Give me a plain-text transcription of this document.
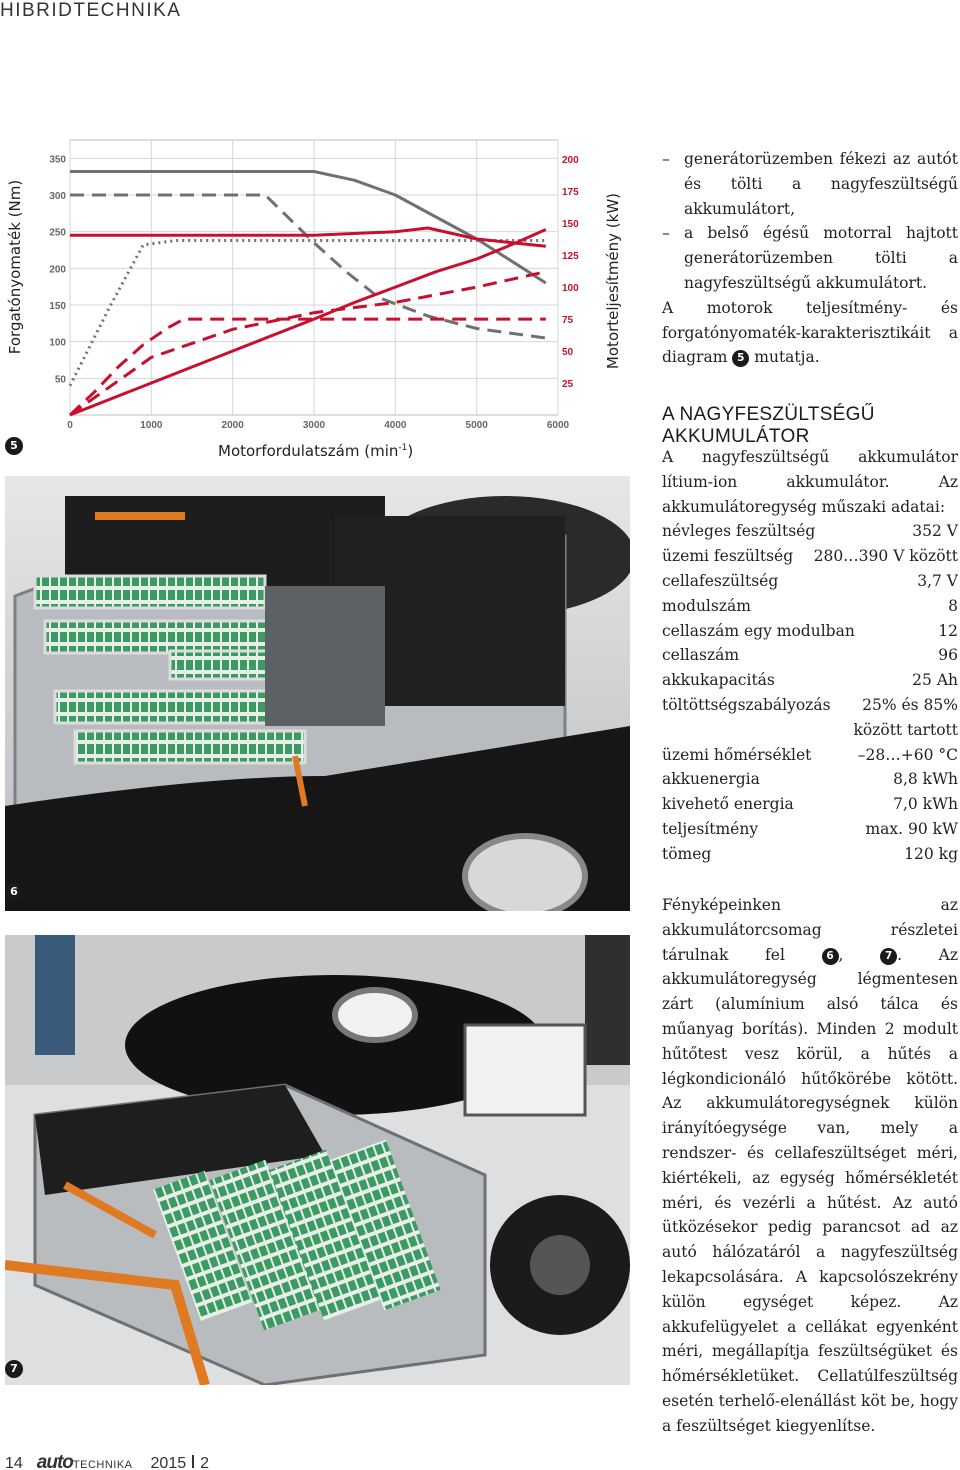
HIBRIDTECHNIKA
Forgatónyomaték (Nm)
0	1000	2000	3000	4000	5000	6000
350
300
250
200
150
100
50
200
175
150
125
100
75
50
25
Motorteljesítmény (kW)
5	Motorfordulatszám $(\min^{-1})$
6
7
– generátorüzemben fékezi az autót és tölti a nagyfeszültségű akkumulátort,
– a belső égésű motorral hajtott generátorüzemben tölti a nagyfeszültségű akkumulátort.
A motorok teljesítmény- és forgatónyomaték-karakterisztikáit a diagram 5 mutatja.
A NAGYFESZÜLTSÉGŰ AKKUMULÁTOR
A nagyfeszültségű akkumulátor lítium-ion akkumulátor. Az akkumulátoregység műszaki adatai:
névleges feszültség	352 V
üzemi feszültség 280…390 V között
cellafeszültség	3,7 V
modulszám	8
cellaszám egy modulban	12
cellaszám	96
akkukapacitás	25 Ah
töltöttségszabályozás 25% és 85%
között tartott
üzemi hőmérséklet	–28…+60 °C
akkuenergia	8,8 kWh
kivehető energia	7,0 kWh
teljesítmény	max. 90 kW
tömeg	120 kg
Fényképeinken az akkumulátorcsomag részletei tárulnak fel	6 ,	7 . Az akkumulátoregység légmentesen zárt (alumínium alsó tálca és műanyag borítás). Minden 2 modult hűtőtest vesz körül, a hűtés a légkondicionáló hűtőkörébe kötött. Az akkumulátoregységnek külön irányítóegysége van, mely a rendszer- és cellafeszültséget méri, kiértékeli, az egység hőmérsékletét méri, és vezérli a hűtést. Az autó ütközésekor pedig parancsot ad az autó hálózatáról a nagyfeszültség lekapcsolására. A kapcsolószekrény külön egységet képez. Az akkufelügyelet a cellákat egyenként méri, megállapítja feszültségüket és hőmérsékletüket. Cellatúlfeszültség esetén terhelő-elenállást köt be, hogy a feszültséget kiegyenlítse.
14 auto TECHNIKA 2015 2
